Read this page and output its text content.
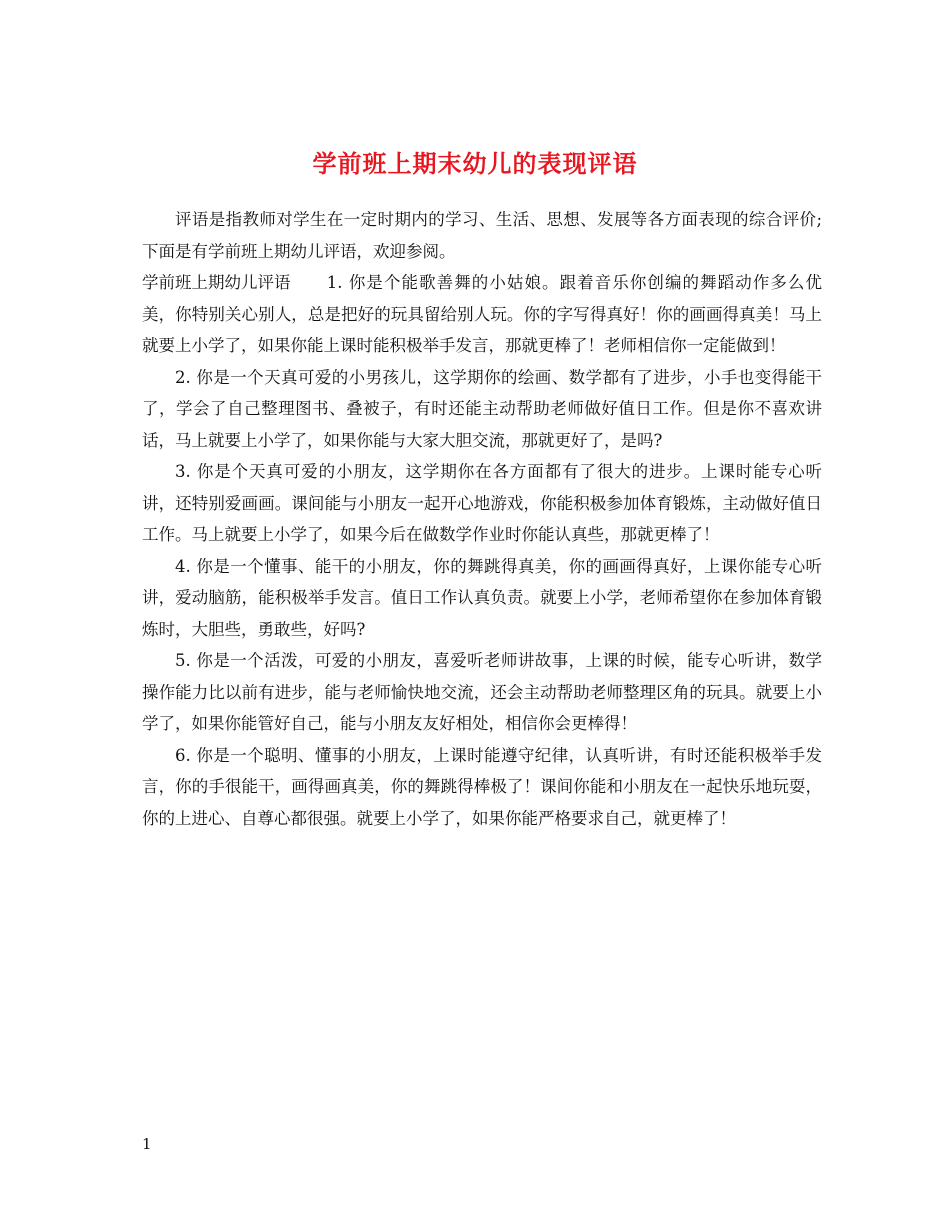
学前班上期末幼儿的表现评语

评语是指教师对学生在一定时期内的学习、生活、思想、发展等各方面表现的综合评价;下面是有学前班上期幼儿评语，欢迎参阅。

学前班上期幼儿评语 1. 你是个能歌善舞的小姑娘。跟着音乐你创编的舞蹈动作多么优美，你特别关心别人，总是把好的玩具留给别人玩。你的字写得真好！你的画画得真美！马上就要上小学了，如果你能上课时能积极举手发言，那就更棒了！老师相信你一定能做到！

2. 你是一个天真可爱的小男孩儿，这学期你的绘画、数学都有了进步，小手也变得能干了，学会了自己整理图书、叠被子，有时还能主动帮助老师做好值日工作。但是你不喜欢讲话，马上就要上小学了，如果你能与大家大胆交流，那就更好了，是吗?

3. 你是个天真可爱的小朋友，这学期你在各方面都有了很大的进步。上课时能专心听讲，还特别爱画画。课间能与小朋友一起开心地游戏，你能积极参加体育锻炼，主动做好值日工作。马上就要上小学了，如果今后在做数学作业时你能认真些，那就更棒了！

4. 你是一个懂事、能干的小朋友，你的舞跳得真美，你的画画得真好，上课你能专心听讲，爱动脑筋，能积极举手发言。值日工作认真负责。就要上小学，老师希望你在参加体育锻炼时，大胆些，勇敢些，好吗?

5. 你是一个活泼，可爱的小朋友，喜爱听老师讲故事，上课的时候，能专心听讲，数学操作能力比以前有进步，能与老师愉快地交流，还会主动帮助老师整理区角的玩具。就要上小学了，如果你能管好自己，能与小朋友友好相处，相信你会更棒得！

6. 你是一个聪明、懂事的小朋友，上课时能遵守纪律，认真听讲，有时还能积极举手发言，你的手很能干，画得画真美，你的舞跳得棒极了！课间你能和小朋友在一起快乐地玩耍，你的上进心、自尊心都很强。就要上小学了，如果你能严格要求自己，就更棒了！

1
